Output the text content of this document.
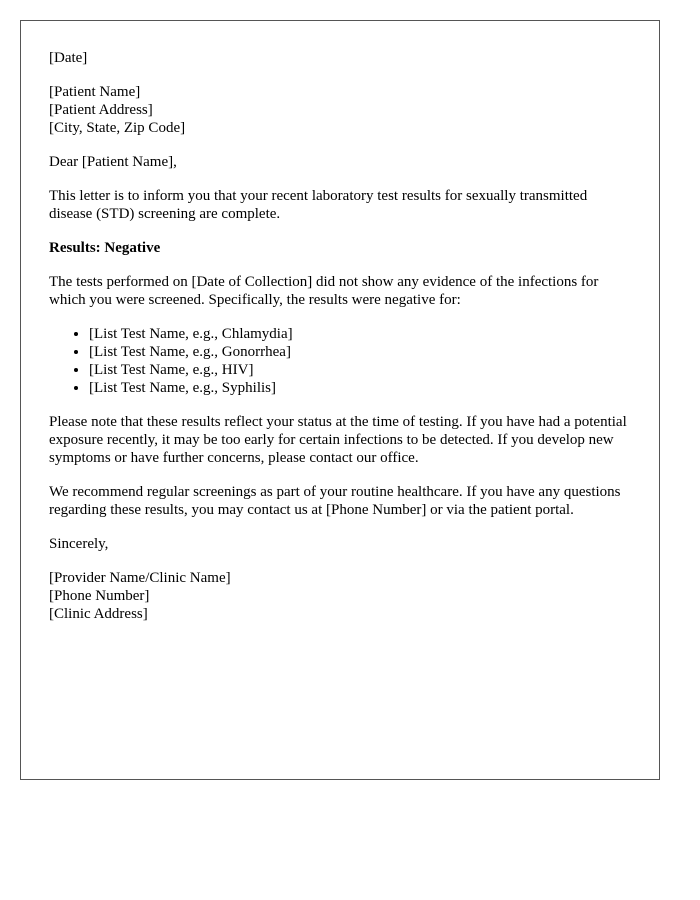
[Date]

[Patient Name]
[Patient Address]
[City, State, Zip Code]

Dear [Patient Name],

This letter is to inform you that your recent laboratory test results for sexually transmitted disease (STD) screening are complete.

Results: Negative

The tests performed on [Date of Collection] did not show any evidence of the infections for which you were screened. Specifically, the results were negative for:

• [List Test Name, e.g., Chlamydia]
• [List Test Name, e.g., Gonorrhea]
• [List Test Name, e.g., HIV]
• [List Test Name, e.g., Syphilis]

Please note that these results reflect your status at the time of testing. If you have had a potential exposure recently, it may be too early for certain infections to be detected. If you develop new symptoms or have further concerns, please contact our office.

We recommend regular screenings as part of your routine healthcare. If you have any questions regarding these results, you may contact us at [Phone Number] or via the patient portal.

Sincerely,

[Provider Name/Clinic Name]
[Phone Number]
[Clinic Address]
